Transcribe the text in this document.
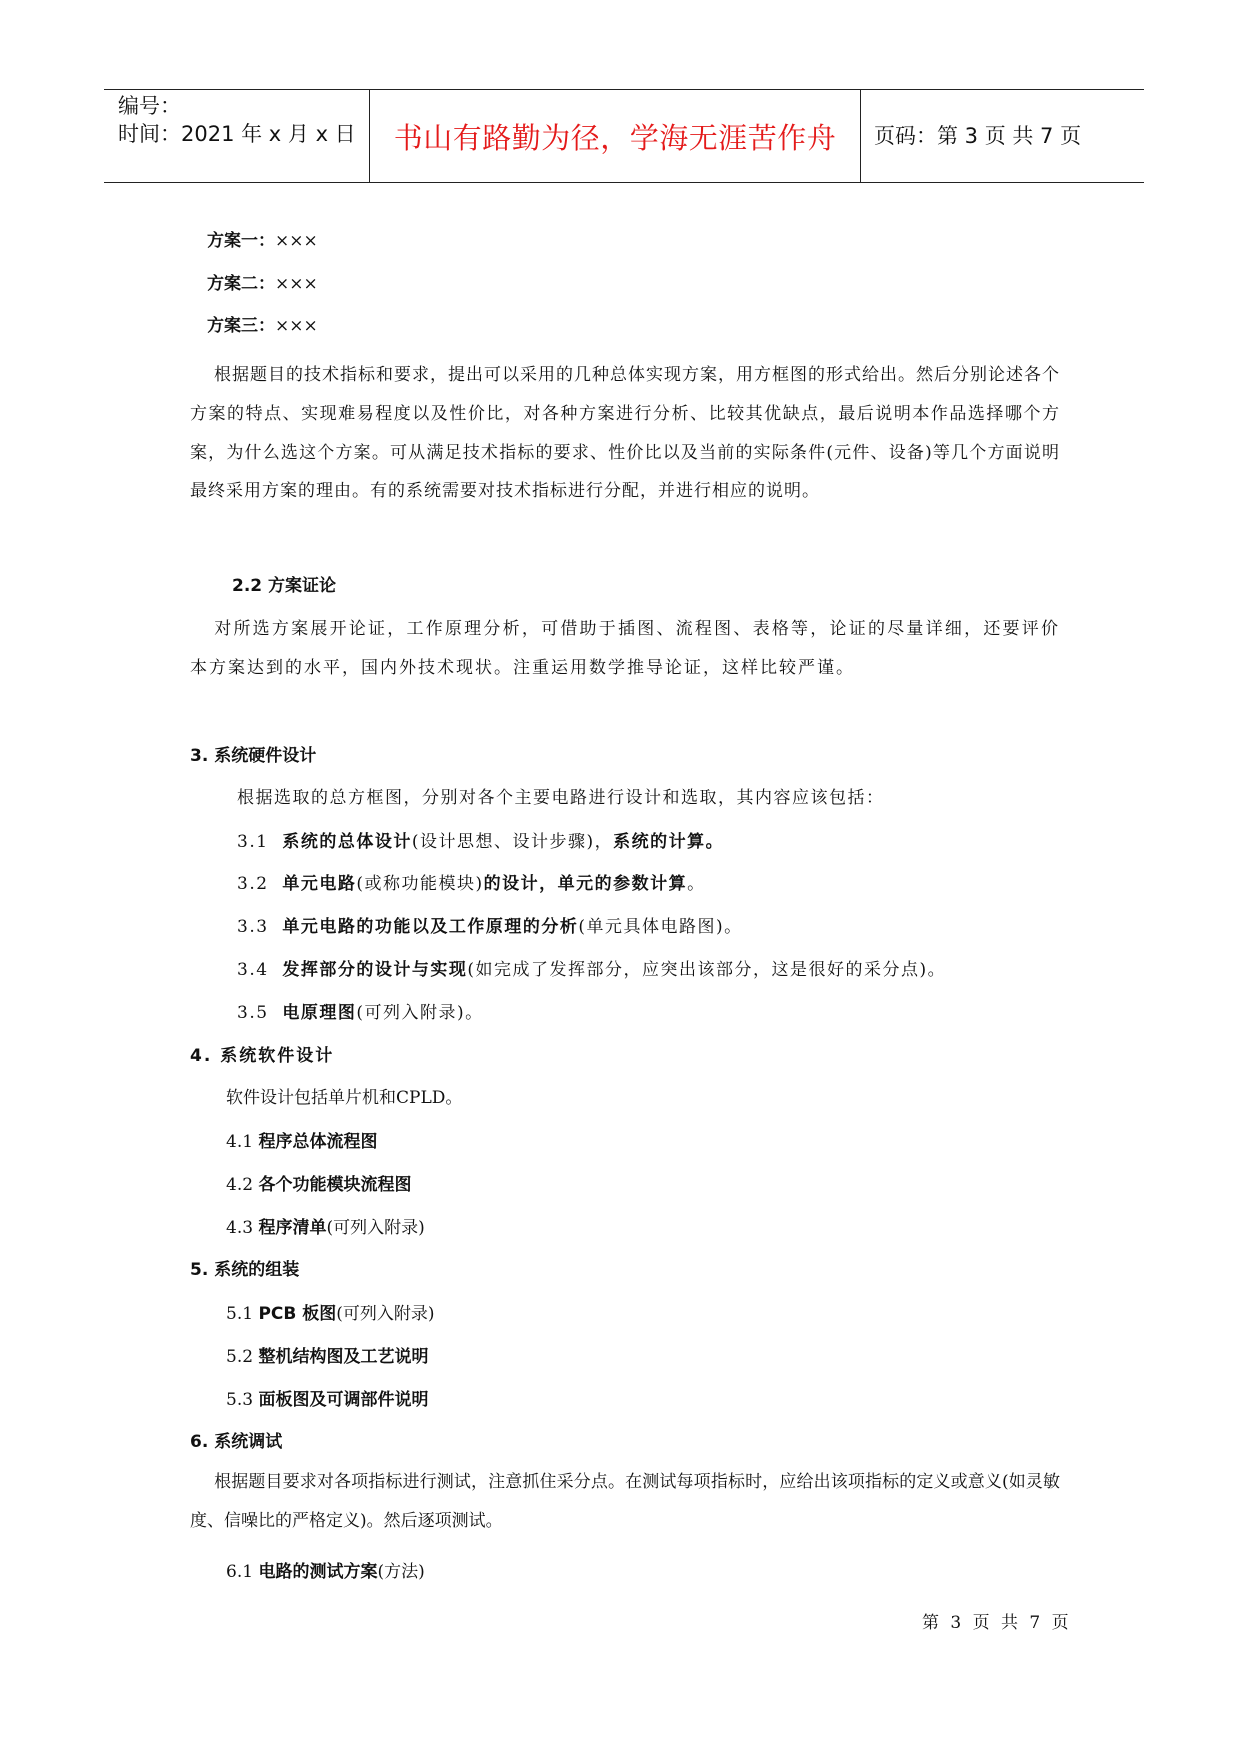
编号：
时间：2021 年 x 月 x 日	书山有路勤为径，学海无涯苦作舟	页码：第 3 页 共 7 页
方案一：×××
方案二：×××
方案三：×××

根据题目的技术指标和要求，提出可以采用的几种总体实现方案，用方框图的形式给出。然后分别论述各个方案的特点、实现难易程度以及性价比，对各种方案进行分析、比较其优缺点，最后说明本作品选择哪个方案，为什么选这个方案。可从满足技术指标的要求、性价比以及当前的实际条件(元件、设备)等几个方面说明最终采用方案的理由。有的系统需要对技术指标进行分配，并进行相应的说明。

2.2 方案证论

对所选方案展开论证，工作原理分析，可借助于插图、流程图、表格等，论证的尽量详细，还要评价本方案达到的水平，国内外技术现状。注重运用数学推导论证，这样比较严谨。

3. 系统硬件设计
根据选取的总方框图，分别对各个主要电路进行设计和选取，其内容应该包括：
3.1 系统的总体设计(设计思想、设计步骤)，系统的计算。
3.2 单元电路(或称功能模块)的设计，单元的参数计算。
3.3 单元电路的功能以及工作原理的分析(单元具体电路图)。
3.4 发挥部分的设计与实现(如完成了发挥部分，应突出该部分，这是很好的采分点)。
3.5 电原理图(可列入附录)。
4. 系统软件设计
软件设计包括单片机和CPLD。
4.1 程序总体流程图
4.2 各个功能模块流程图
4.3 程序清单(可列入附录)
5. 系统的组装
5.1 PCB 板图(可列入附录)
5.2 整机结构图及工艺说明
5.3 面板图及可调部件说明
6. 系统调试

根据题目要求对各项指标进行测试，注意抓住采分点。在测试每项指标时，应给出该项指标的定义或意义(如灵敏度、信噪比的严格定义)。然后逐项测试。

6.1 电路的测试方案(方法)
第 3 页 共 7 页
